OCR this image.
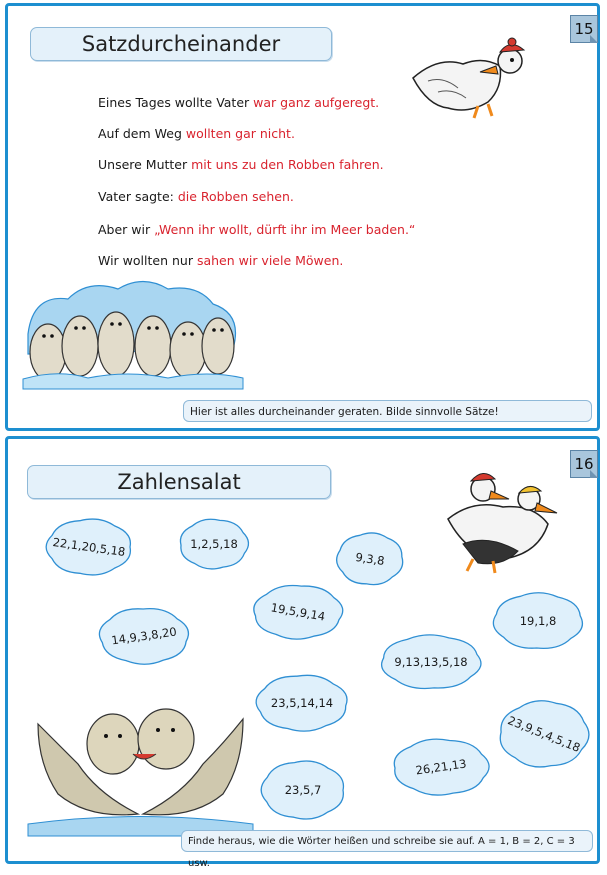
Satzdurcheinander
15
Eines Tages wollte Vater war ganz aufgeregt.
Auf dem Weg wollten gar nicht.
Unsere Mutter mit uns zu den Robben fahren.
Vater sagte: die Robben sehen.
Aber wir „Wenn ihr wollt, dürft ihr im Meer baden.“
Wir wollten nur sahen wir viele Möwen.
Hier ist alles durcheinander geraten. Bilde sinnvolle Sätze!
Zahlensalat
16
22,1,20,5,18	1,2,5,18
9,3,8
19,5,9,14	19,1,8
14,9,3,8,20
9,13,13,5,18
23,5,14,14
23,9,5,4,5,18
23,5,7
26,21,13
Finde heraus, wie die Wörter heißen und schreibe sie auf. A = 1, B = 2, C = 3 usw.
